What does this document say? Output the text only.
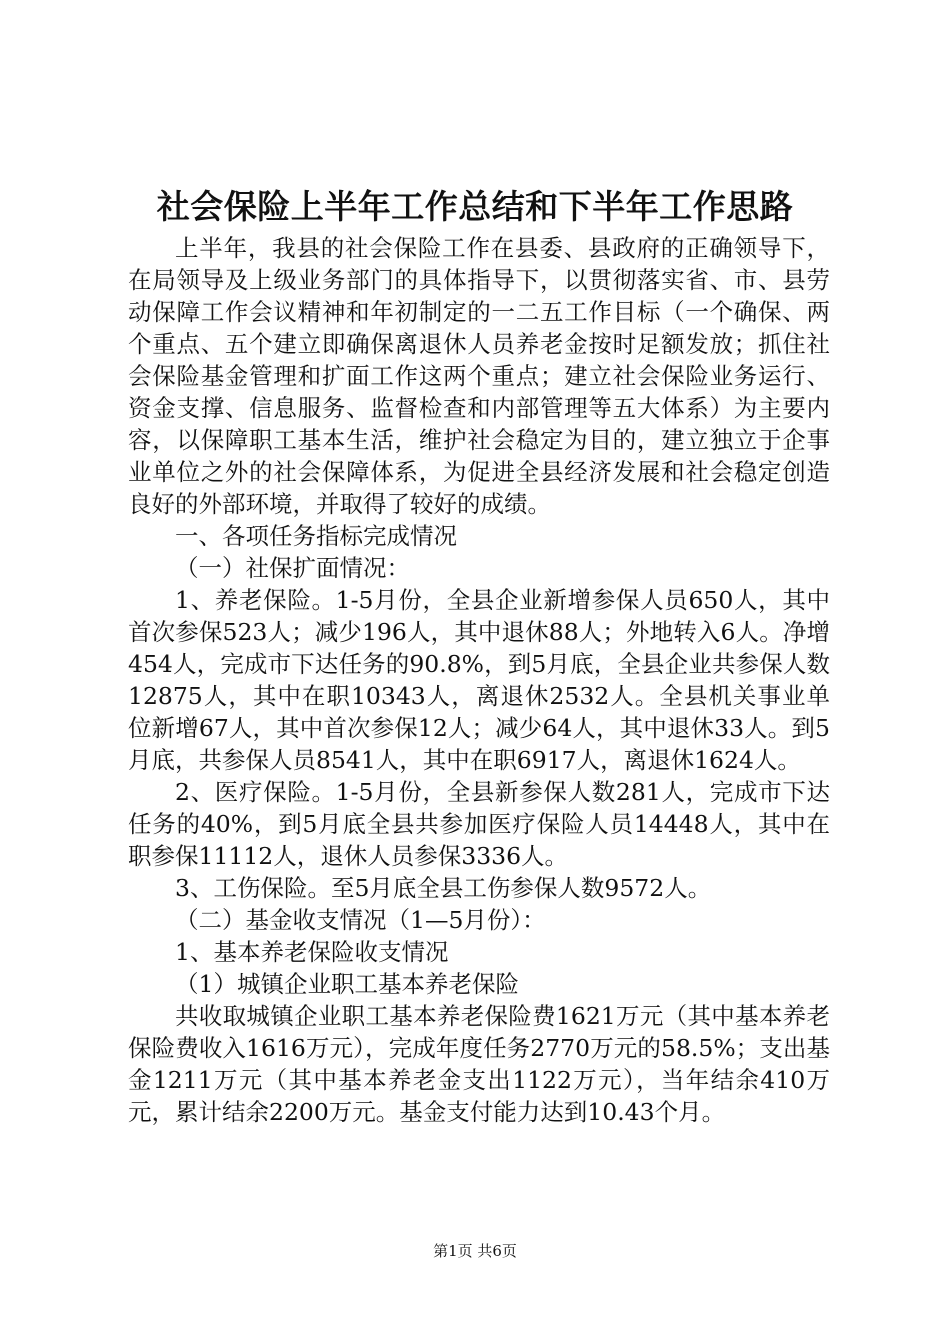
社会保险上半年工作总结和下半年工作思路

上半年，我县的社会保险工作在县委、县政府的正确领导下，在局领导及上级业务部门的具体指导下，以贯彻落实省、市、县劳动保障工作会议精神和年初制定的一二五工作目标（一个确保、两个重点、五个建立即确保离退休人员养老金按时足额发放；抓住社会保险基金管理和扩面工作这两个重点；建立社会保险业务运行、资金支撑、信息服务、监督检查和内部管理等五大体系）为主要内容，以保障职工基本生活，维护社会稳定为目的，建立独立于企事业单位之外的社会保障体系，为促进全县经济发展和社会稳定创造良好的外部环境，并取得了较好的成绩。

一、各项任务指标完成情况

（一）社保扩面情况：

1、养老保险。1-5月份，全县企业新增参保人员650人，其中首次参保523人；减少196人，其中退休88人；外地转入6人。净增454人，完成市下达任务的90.8%，到5月底，全县企业共参保人数12875人，其中在职10343人，离退休2532人。全县机关事业单位新增67人，其中首次参保12人；减少64人，其中退休33人。到5月底，共参保人员8541人，其中在职6917人，离退休1624人。

2、医疗保险。1-5月份，全县新参保人数281人，完成市下达任务的40%，到5月底全县共参加医疗保险人员14448人，其中在职参保11112人，退休人员参保3336人。

3、工伤保险。至5月底全县工伤参保人数9572人。

（二）基金收支情况（1—5月份）：

1、基本养老保险收支情况

（1）城镇企业职工基本养老保险

共收取城镇企业职工基本养老保险费1621万元（其中基本养老保险费收入1616万元），完成年度任务2770万元的58.5%；支出基金1211万元（其中基本养老金支出1122万元），当年结余410万元，累计结余2200万元。基金支付能力达到10.43个月。

第1页 共6页
